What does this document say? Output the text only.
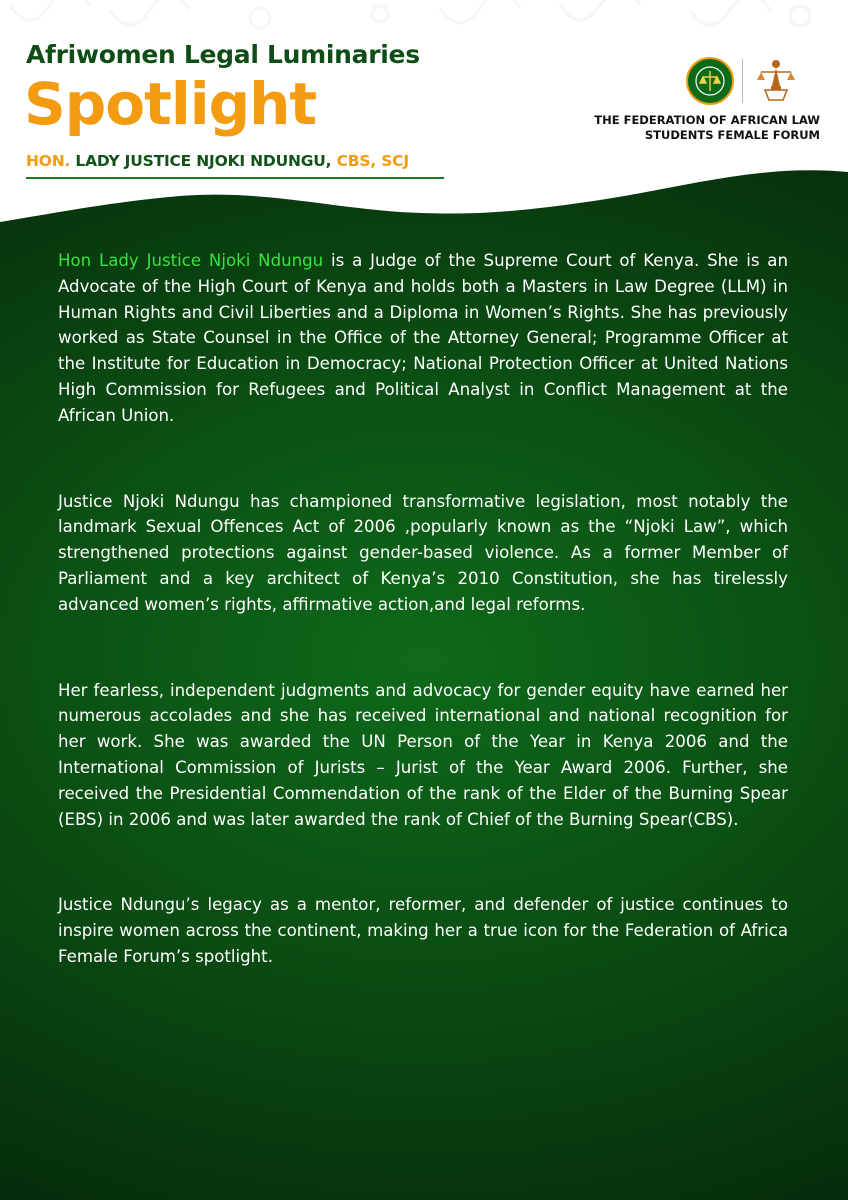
Afriwomen Legal Luminaries
Spotlight
HON. LADY JUSTICE NJOKI NDUNGU, CBS, SCJ
THE FEDERATION OF AFRICAN LAW STUDENTS FEMALE FORUM

Hon Lady Justice Njoki Ndungu is a Judge of the Supreme Court of Kenya. She is an Advocate of the High Court of Kenya and holds both a Masters in Law Degree (LLM) in Human Rights and Civil Liberties and a Diploma in Women’s Rights. She has previously worked as State Counsel in the Office of the Attorney General; Programme Officer at the Institute for Education in Democracy; National Protection Officer at United Nations High Commission for Refugees and Political Analyst in Conflict Management at the African Union.

Justice Njoki Ndungu has championed transformative legislation, most notably the landmark Sexual Offences Act of 2006 ,popularly known as the “Njoki Law”, which strengthened protections against gender-based violence. As a former Member of Parliament and a key architect of Kenya’s 2010 Constitution, she has tirelessly advanced women’s rights, affirmative action,and legal reforms.

Her fearless, independent judgments and advocacy for gender equity have earned her numerous accolades and she has received international and national recognition for her work. She was awarded the UN Person of the Year in Kenya 2006 and the International Commission of Jurists – Jurist of the Year Award 2006. Further, she received the Presidential Commendation of the rank of the Elder of the Burning Spear (EBS) in 2006 and was later awarded the rank of Chief of the Burning Spear(CBS).

Justice Ndungu’s legacy as a mentor, reformer, and defender of justice continues to inspire women across the continent, making her a true icon for the Federation of Africa Female Forum’s spotlight.
